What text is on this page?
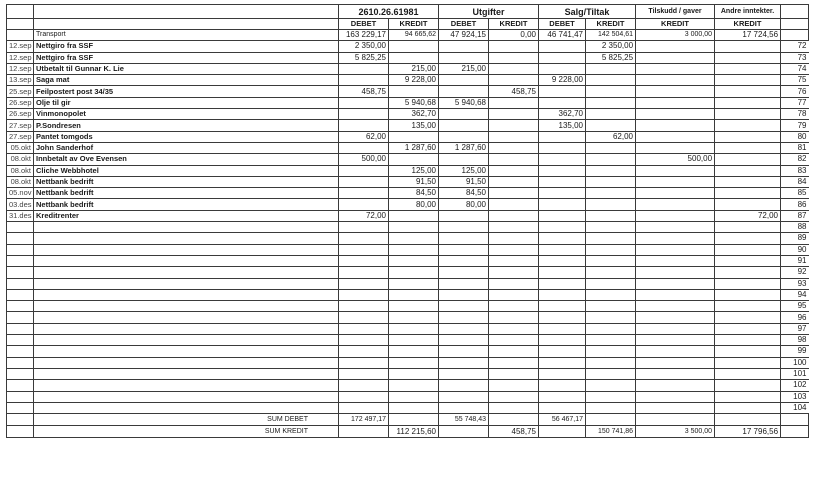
		2610.26.61981		Utgifter		Salg/Tiltak		Tilskudd / gaver	Andre inntekter.	
		DEBET	KREDIT	DEBET	KREDIT	DEBET	KREDIT	KREDIT	KREDIT	
	Transport	163 229,17	94 665,62	47 924,15	0,00	46 741,47	142 504,61	3 000,00	17 724,56	
12.sep	Nettgiro fra SSF	2 350,00					2 350,00			72
12.sep	Nettgiro fra SSF	5 825,25					5 825,25			73
12.sep	Utbetalt til Gunnar K. Lie		215,00	215,00						74
13.sep	Saga mat		9 228,00			9 228,00				75
25.sep	Feilpostert post 34/35	458,75			458,75					76
26.sep	Olje til gir		5 940,68	5 940,68						77
26.sep	Vinmonopolet		362,70			362,70				78
27.sep	P.Sondresen		135,00			135,00				79
27.sep	Pantet tomgods	62,00					62,00			80
05.okt	John Sanderhof		1 287,60	1 287,60						81
08.okt	Innbetalt av Ove Evensen	500,00						500,00		82
08.okt	Cliche Webbhotel		125,00	125,00						83
08.okt	Nettbank bedrift		91,50	91,50						84
05.nov	Nettbank bedrift		84,50	84,50						85
03.des	Nettbank bedrift		80,00	80,00						86
31.des	Kreditrenter	72,00							72,00	87
										88
										89
										90
										91
										92
										93
										94
										95
										96
										97
										98
										99
										100
										101
										102
										103
										104
	SUM DEBET	172 497,17		55 748,43		56 467,17				
	SUM KREDIT		112 215,60		458,75		150 741,86	3 500,00	17 796,56	
